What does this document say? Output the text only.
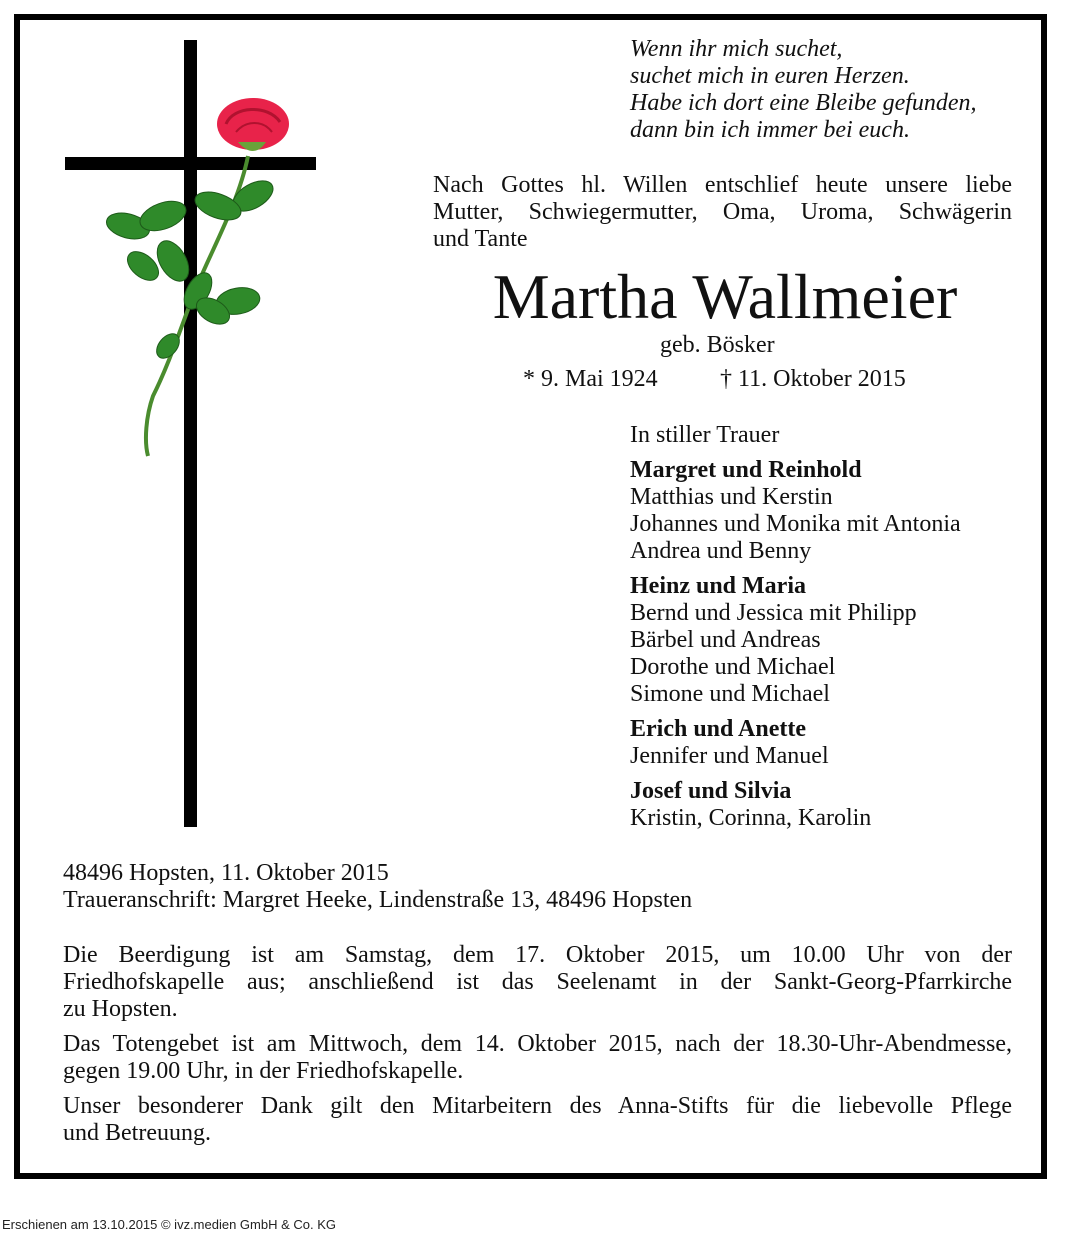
Wenn ihr mich suchet,
suchet mich in euren Herzen.
Habe ich dort eine Bleibe gefunden,
dann bin ich immer bei euch.
Nach Gottes hl. Willen entschlief heute unsere liebe
Mutter, Schwiegermutter, Oma, Uroma, Schwägerin
und Tante
Martha Wallmeier
geb. Bösker
* 9. Mai 1924	† 11. Oktober 2015
In stiller Trauer
Margret und Reinhold
Matthias und Kerstin
Johannes und Monika mit Antonia
Andrea und Benny
Heinz und Maria
Bernd und Jessica mit Philipp
Bärbel und Andreas
Dorothe und Michael
Simone und Michael
Erich und Anette
Jennifer und Manuel
Josef und Silvia
Kristin, Corinna, Karolin
48496 Hopsten, 11. Oktober 2015
Traueranschrift: Margret Heeke, Lindenstraße 13, 48496 Hopsten

Die Beerdigung ist am Samstag, dem 17. Oktober 2015, um 10.00 Uhr von der
Friedhofskapelle aus; anschließend ist das Seelenamt in der Sankt-Georg-Pfarrkirche
zu Hopsten.

Das Totengebet ist am Mittwoch, dem 14. Oktober 2015, nach der 18.30-Uhr-Abendmesse,
gegen 19.00 Uhr, in der Friedhofskapelle.

Unser besonderer Dank gilt den Mitarbeitern des Anna-Stifts für die liebevolle Pflege
und Betreuung.

Erschienen am 13.10.2015 © ivz.medien GmbH & Co. KG
